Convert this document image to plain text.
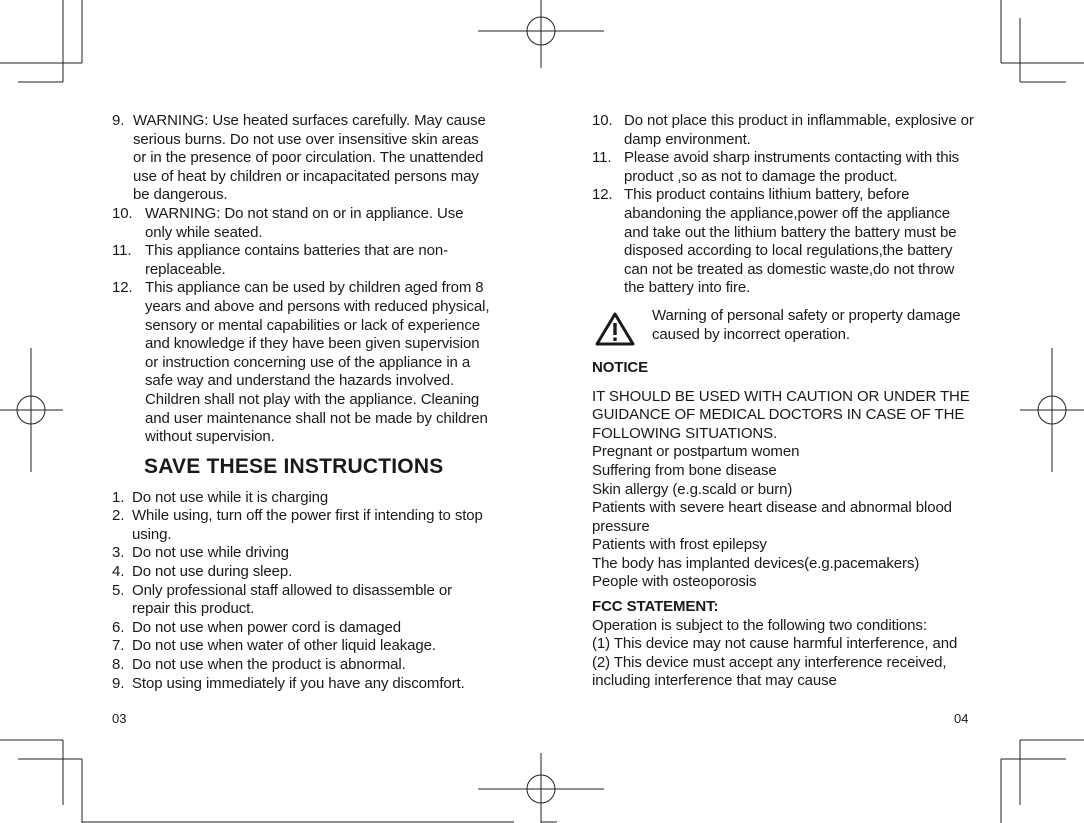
9. WARNING: Use heated surfaces carefully. May cause serious burns. Do not use over insensitive skin areas or in the presence of poor circulation. The unattended use of heat by children or incapacitated persons may be dangerous.
10. WARNING: Do not stand on or in appliance. Use only while seated.
11. This appliance contains batteries that are non-replaceable.
12. This appliance can be used by children aged from 8 years and above and persons with reduced physical, sensory or mental capabilities or lack of experience and knowledge if they have been given supervision or instruction concerning use of the appliance in a safe way and understand the hazards involved. Children shall not play with the appliance. Cleaning and user maintenance shall not be made by children without supervision.
SAVE THESE INSTRUCTIONS
1. Do not use while it is charging
2. While using, turn off the power first if intending to stop using.
3. Do not use while driving
4. Do not use during sleep.
5. Only professional staff allowed to disassemble or repair this product.
6. Do not use when power cord is damaged
7. Do not use when water of other liquid leakage.
8. Do not use when the product is abnormal.
9. Stop using immediately if you have any discomfort.
03
10. Do not place this product in inflammable, explosive or damp environment.
11. Please avoid sharp instruments contacting with this product ,so as not to damage the product.
12. This product contains lithium battery, before abandoning the appliance,power off the appliance and take out the lithium battery the battery must be disposed according to local regulations,the battery can not be treated as domestic waste,do not throw the battery into fire.
Warning of personal safety or property damage caused by incorrect operation.
NOTICE
IT SHOULD BE USED WITH CAUTION OR UNDER THE GUIDANCE OF MEDICAL DOCTORS IN CASE OF THE FOLLOWING SITUATIONS.
Pregnant or postpartum women
Suffering from bone disease
Skin allergy (e.g.scald or burn)
Patients with severe heart disease and abnormal blood pressure
Patients with frost epilepsy
The body has implanted devices(e.g.pacemakers)
People with osteoporosis
FCC STATEMENT:
Operation is subject to the following two conditions:
(1) This device may not cause harmful interference, and
(2) This device must accept any interference received, including interference that may cause
04
